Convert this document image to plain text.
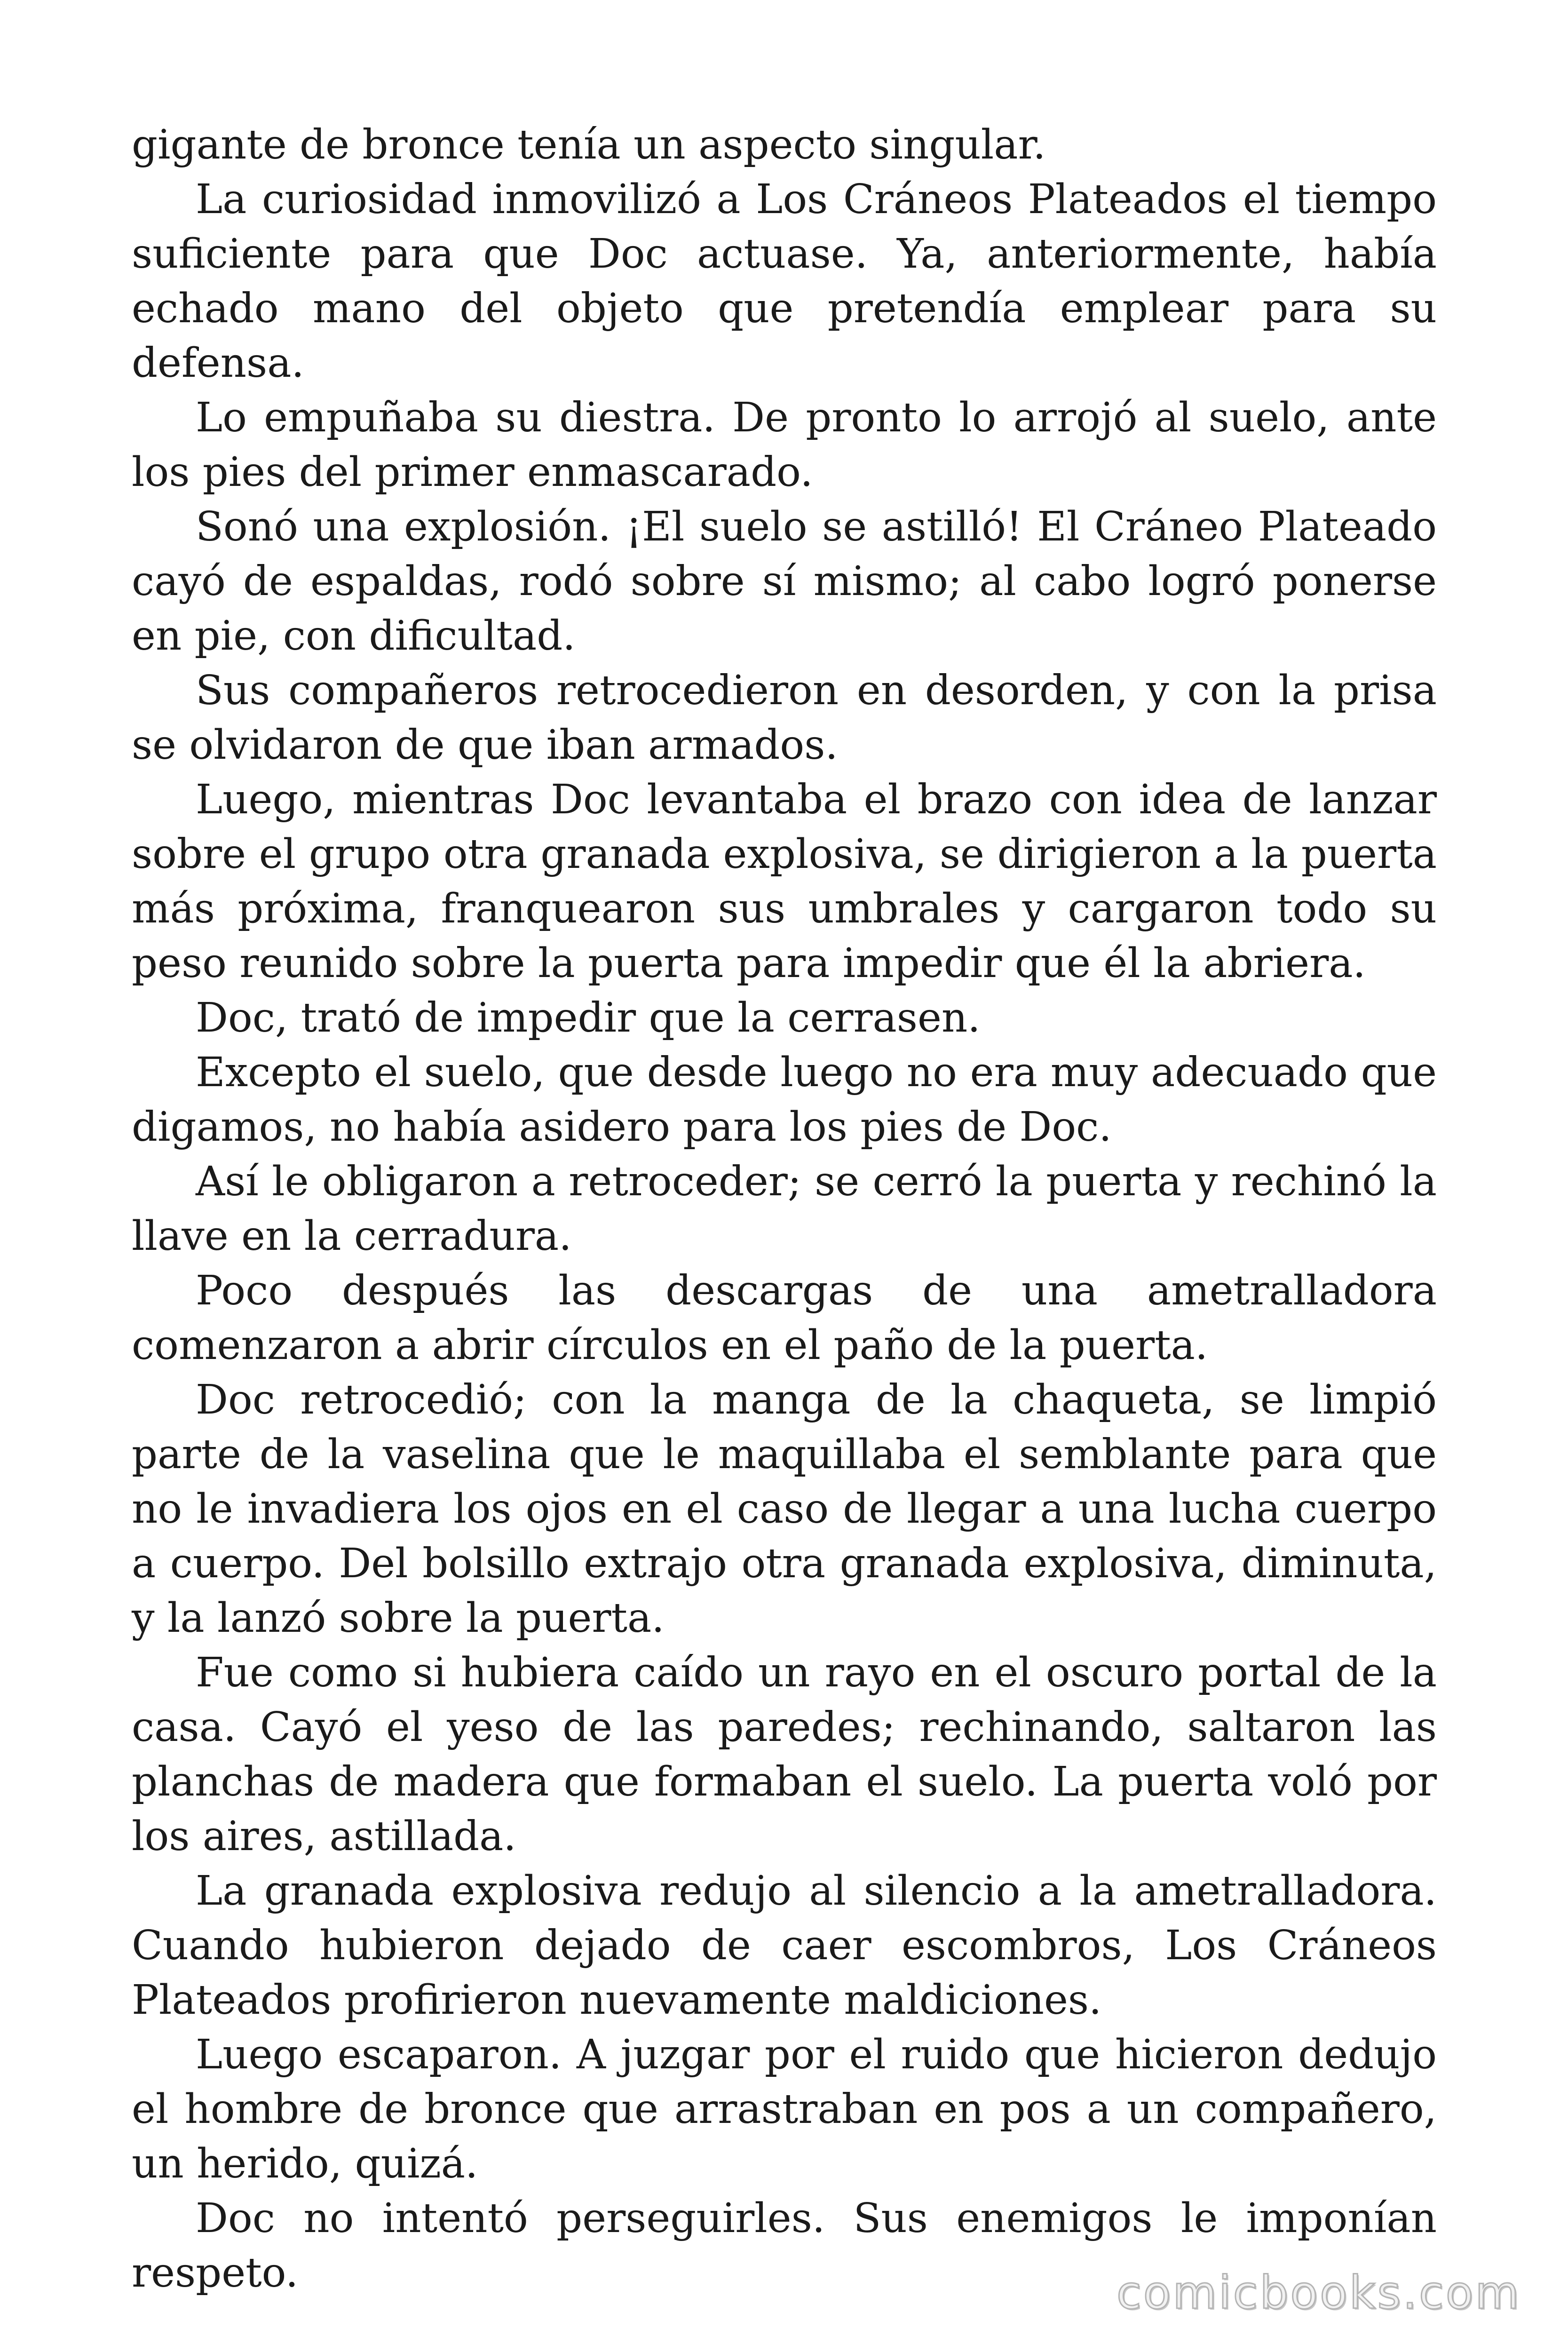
gigante de bronce tenía un aspecto singular.

La curiosidad inmovilizó a Los Cráneos Plateados el tiempo suficiente para que Doc actuase. Ya, anteriormente, había echado mano del objeto que pretendía emplear para su defensa.

Lo empuñaba su diestra. De pronto lo arrojó al suelo, ante los pies del primer enmascarado.

Sonó una explosión. ¡El suelo se astilló! El Cráneo Plateado cayó de espaldas, rodó sobre sí mismo; al cabo logró ponerse en pie, con dificultad.

Sus compañeros retrocedieron en desorden, y con la prisa se olvidaron de que iban armados.

Luego, mientras Doc levantaba el brazo con idea de lanzar sobre el grupo otra granada explosiva, se dirigieron a la puerta más próxima, franquearon sus umbrales y cargaron todo su peso reunido sobre la puerta para impedir que él la abriera.

Doc, trató de impedir que la cerrasen.

Excepto el suelo, que desde luego no era muy adecuado que digamos, no había asidero para los pies de Doc.

Así le obligaron a retroceder; se cerró la puerta y rechinó la llave en la cerradura.

Poco después las descargas de una ametralladora comenzaron a abrir círculos en el paño de la puerta.

Doc retrocedió; con la manga de la chaqueta, se limpió parte de la vaselina que le maquillaba el semblante para que no le invadiera los ojos en el caso de llegar a una lucha cuerpo a cuerpo. Del bolsillo extrajo otra granada explosiva, diminuta, y la lanzó sobre la puerta.

Fue como si hubiera caído un rayo en el oscuro portal de la casa. Cayó el yeso de las paredes; rechinando, saltaron las planchas de madera que formaban el suelo. La puerta voló por los aires, astillada.

La granada explosiva redujo al silencio a la ametralladora. Cuando hubieron dejado de caer escombros, Los Cráneos Plateados profirieron nuevamente maldiciones.

Luego escaparon. A juzgar por el ruido que hicieron dedujo el hombre de bronce que arrastraban en pos a un compañero, un herido, quizá.

Doc no intentó perseguirles. Sus enemigos le imponían respeto.	comicbooks.com
